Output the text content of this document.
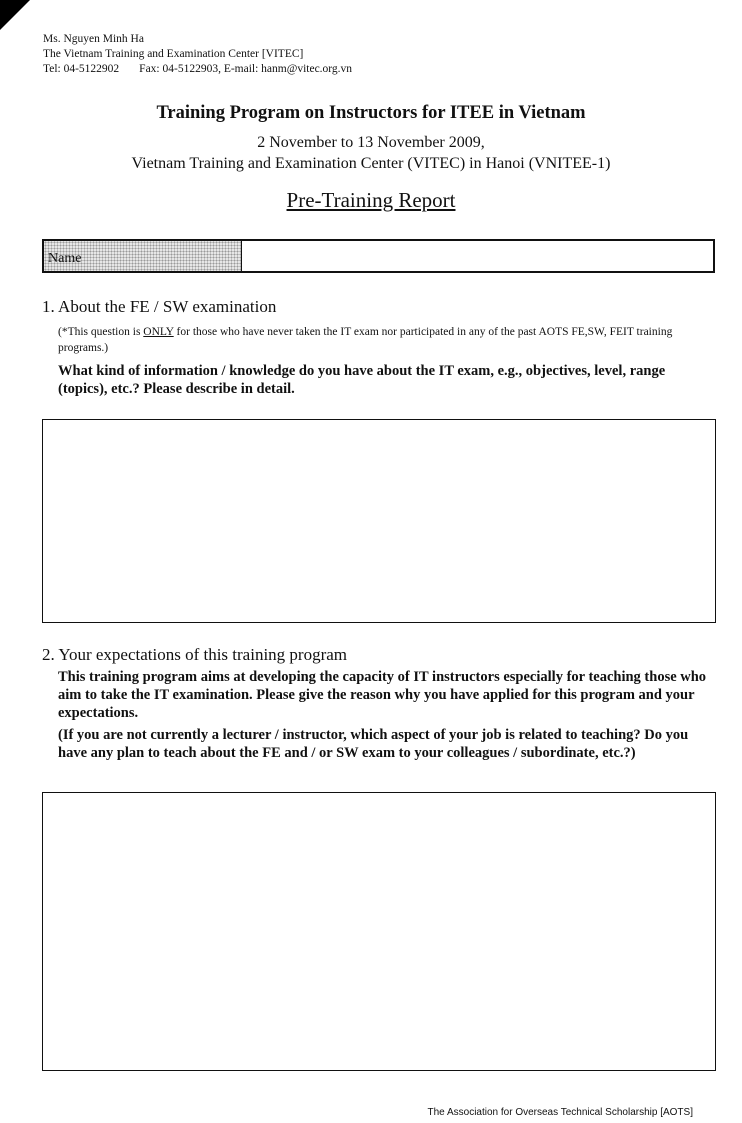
Ms. Nguyen Minh Ha
The Vietnam Training and Examination Center [VITEC]
Tel: 04-5122902 Fax: 04-5122903, E-mail: hanm@vitec.org.vn
Training Program on Instructors for ITEE in Vietnam
2 November to 13 November 2009,
Vietnam Training and Examination Center (VITEC) in Hanoi (VNITEE-1)
Pre-Training Report
Name
1. About the FE / SW examination
(*This question is ONLY for those who have never taken the IT exam nor participated in any of the past AOTS FE,SW, FEIT training programs.)
What kind of information / knowledge do you have about the IT exam, e.g., objectives, level, range (topics), etc.? Please describe in detail.
2. Your expectations of this training program
This training program aims at developing the capacity of IT instructors especially for teaching those who aim to take the IT examination. Please give the reason why you have applied for this program and your expectations.
(If you are not currently a lecturer / instructor, which aspect of your job is related to teaching? Do you have any plan to teach about the FE and / or SW exam to your colleagues / subordinate, etc.?)
The Association for Overseas Technical Scholarship [AOTS]
